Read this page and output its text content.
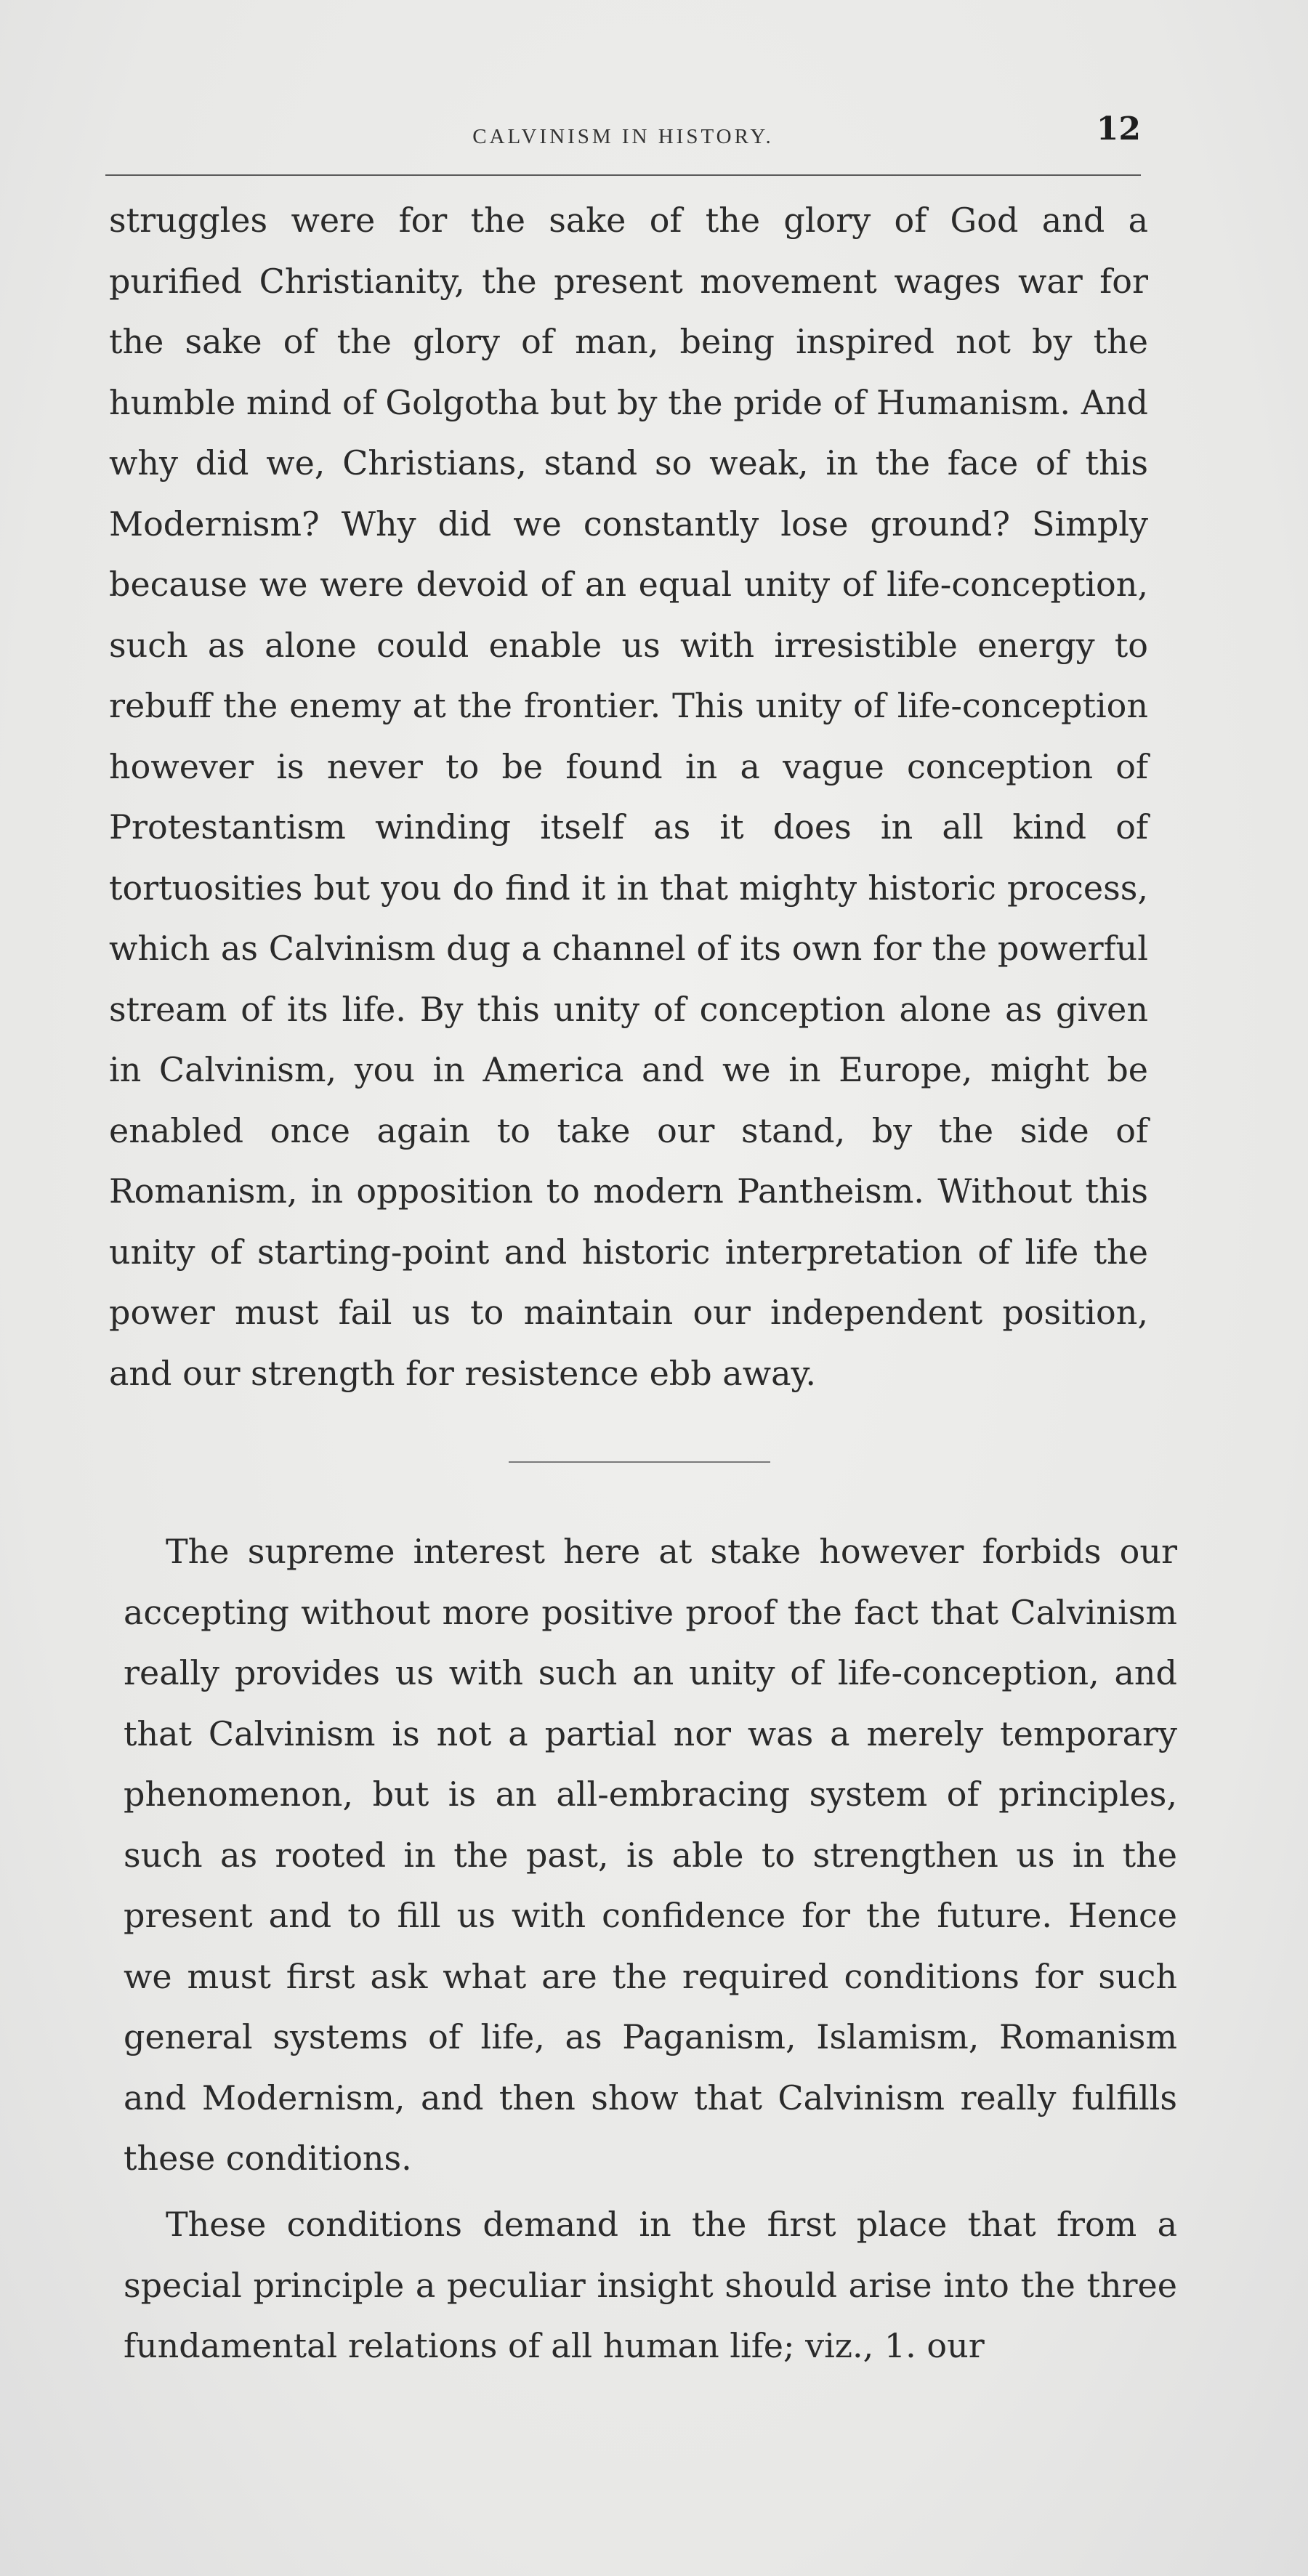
CALVINISM IN HISTORY.	12
struggles were for the sake of the glory of God and a purified Christianity, the present movement wages war for the sake of the glory of man, being inspired not by the humble mind of Golgotha but by the pride of Humanism. And why did we, Christians, stand so weak, in the face of this Modernism? Why did we constantly lose ground? Simply because we were devoid of an equal unity of life-conception, such as alone could enable us with irresistible energy to rebuff the enemy at the frontier. This unity of life-conception however is never to be found in a vague conception of Protestantism winding itself as it does in all kind of tortuosities but you do find it in that mighty historic process, which as Calvinism dug a channel of its own for the powerful stream of its life. By this unity of conception alone as given in Calvinism, you in America and we in Europe, might be enabled once again to take our stand, by the side of Romanism, in opposition to modern Pantheism. Without this unity of starting-point and historic interpretation of life the power must fail us to maintain our independent position, and our strength for resistence ebb away.
The supreme interest here at stake however forbids our accepting without more positive proof the fact that Calvinism really provides us with such an unity of life-conception, and that Calvinism is not a partial nor was a merely temporary phenomenon, but is an all-embracing system of principles, such as rooted in the past, is able to strengthen us in the present and to fill us with confidence for the future. Hence we must first ask what are the required conditions for such general systems of life, as Paganism, Islamism, Romanism and Modernism, and then show that Calvinism really fulfills these conditions.
These conditions demand in the first place that from a special principle a peculiar insight should arise into the three fundamental relations of all human life; viz., 1. our
